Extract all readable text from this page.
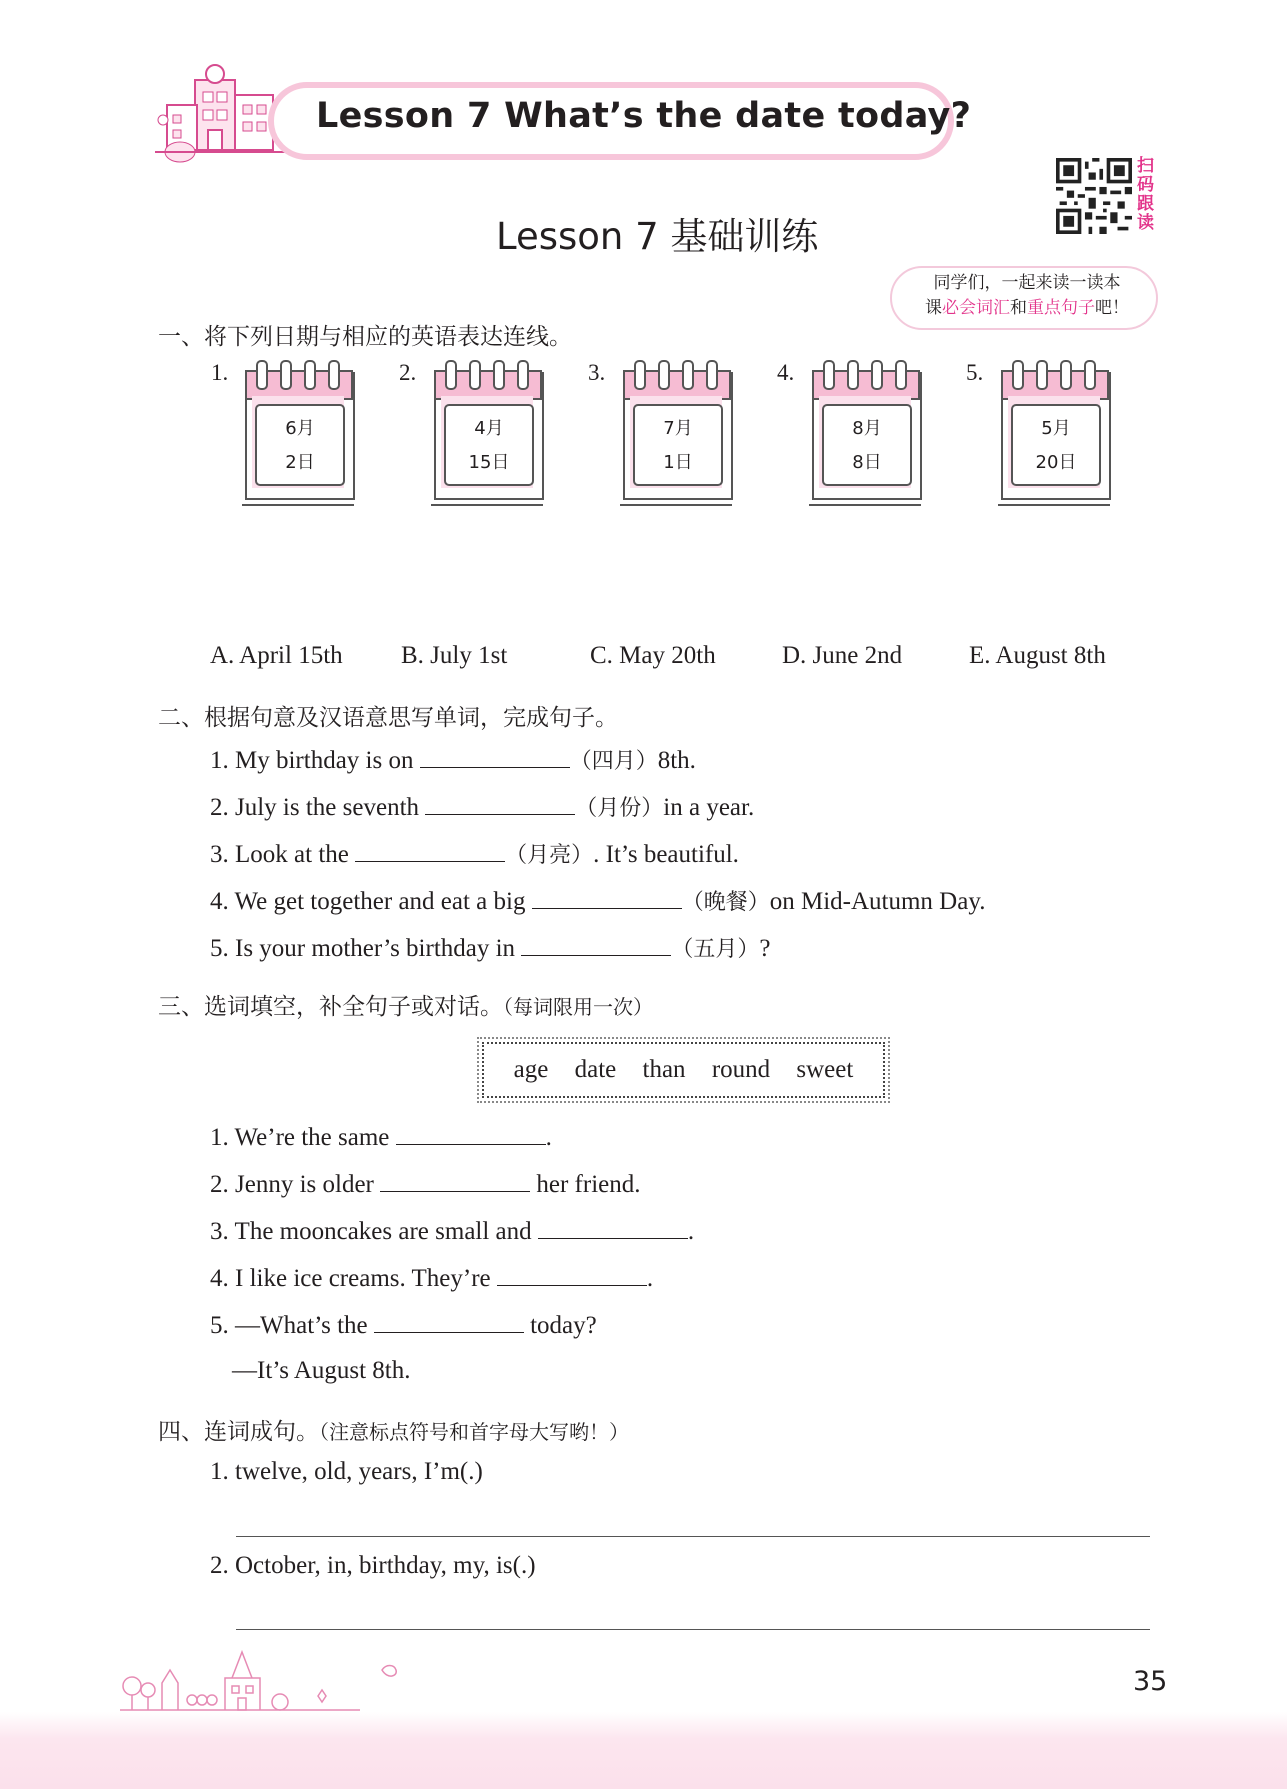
Lesson 7 What’s the date today?
扫
码
跟
读
Lesson 7 基础训练
同学们，一起来读一读本
课必会词汇和重点句子吧！
一、将下列日期与相应的英语表达连线。
1.	2.	3.	4.	5.
6月
2日
4月
15日
7月
1日
8月
8日
5月
20日
A. April 15th B. July 1st	C. May 20th	D. June 2nd	E. August 8th
二、根据句意及汉语意思写单词，完成句子。
1. My birthday is on	（四月）8th.
2. July is the seventh	（月份）in a year.
3. Look at the	（月亮）. It’s beautiful.
4. We get together and eat a big	（晚餐）on Mid-Autumn Day.
5. Is your mother’s birthday in	（五月）?
三、选词填空，补全句子或对话。（每词限用一次）
age date than round sweet
1. We’re the same	.
2. Jenny is older	her friend.
3. The mooncakes are small and	.
4. I like ice creams. They’re	.
5. —What’s the	today?
—It’s August 8th.
四、连词成句。（注意标点符号和首字母大写哟！）
1. twelve, old, years, I’m(.)
2. October, in, birthday, my, is(.)
35
